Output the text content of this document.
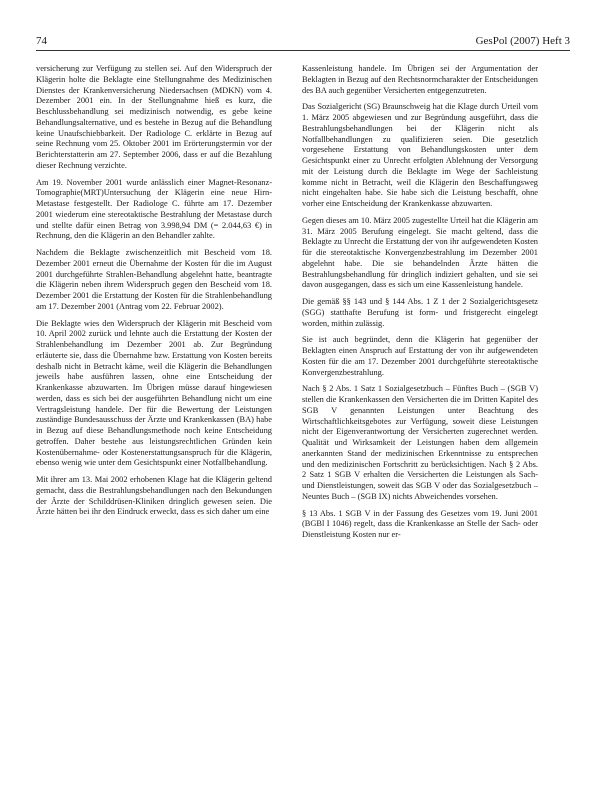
74	GesPol (2007) Heft 3

versicherung zur Verfügung zu stellen sei. Auf den Widerspruch der Klägerin holte die Beklagte eine Stellungnahme des Medizinischen Dienstes der Krankenversicherung Niedersachsen (MDKN) vom 4. Dezember 2001 ein. In der Stellungnahme hieß es kurz, die Beschlussbehandlung sei medizinisch notwendig, es gebe keine Behandlungsalternative, und es bestehe in Bezug auf die Behandlung keine Unaufschiebbarkeit. Der Radiologe C. erklärte in Bezug auf seine Rechnung vom 25. Oktober 2001 im Erörterungstermin vor der Berichterstatterin am 27. September 2006, dass er auf die Bezahlung dieser Rechnung verzichte.

Am 19. November 2001 wurde anlässlich einer Magnet-Resonanz-Tomographie(MRT)Untersuchung der Klägerin eine neue Hirn-Metastase festgestellt. Der Radiologe C. führte am 17. Dezember 2001 wiederum eine stereotaktische Bestrahlung der Metastase durch und stellte dafür einen Betrag von 3.998,94 DM (= 2.044,63 €) in Rechnung, den die Klägerin an den Behandler zahlte.

Nachdem die Beklagte zwischenzeitlich mit Bescheid vom 18. Dezember 2001 erneut die Übernahme der Kosten für die im August 2001 durchgeführte Strahlen-Behandlung abgelehnt hatte, beantragte die Klägerin neben ihrem Widerspruch gegen den Bescheid vom 18. Dezember 2001 die Erstattung der Kosten für die Strahlenbehandlung am 17. Dezember 2001 (Antrag vom 22. Februar 2002).

Die Beklagte wies den Widerspruch der Klägerin mit Bescheid vom 10. April 2002 zurück und lehnte auch die Erstattung der Kosten der Strahlenbehandlung im Dezember 2001 ab. Zur Begründung erläuterte sie, dass die Übernahme bzw. Erstattung von Kosten bereits deshalb nicht in Betracht käme, weil die Klägerin die Behandlungen jeweils habe ausführen lassen, ohne eine Entscheidung der Krankenkasse abzuwarten. Im Übrigen müsse darauf hingewiesen werden, dass es sich bei der ausgeführten Behandlung nicht um eine Vertragsleistung handele. Der für die Bewertung der Leistungen zuständige Bundesausschuss der Ärzte und Krankenkassen (BA) habe in Bezug auf diese Behandlungsmethode noch keine Entscheidung getroffen. Daher bestehe aus leistungsrechtlichen Gründen kein Kostenübernahme- oder Kostenerstattungsanspruch für die Klägerin, ebenso wenig wie unter dem Gesichtspunkt einer Notfallbehandlung.

Mit ihrer am 13. Mai 2002 erhobenen Klage hat die Klägerin geltend gemacht, dass die Bestrahlungsbehandlungen nach den Bekundungen der Ärzte der Schilddrüsen-Kliniken dringlich gewesen seien. Die Ärzte hätten bei ihr den Eindruck erweckt, dass es sich daher um eine

Kassenleistung handele. Im Übrigen sei der Argumentation der Beklagten in Bezug auf den Rechtsnormcharakter der Entscheidungen des BA auch gegenüber Versicherten entgegenzutreten.

Das Sozialgericht (SG) Braunschweig hat die Klage durch Urteil vom 1. März 2005 abgewiesen und zur Begründung ausgeführt, dass die Bestrahlungsbehandlungen bei der Klägerin nicht als Notfallbehandlungen zu qualifizieren seien. Die gesetzlich vorgesehene Erstattung von Behandlungskosten unter dem Gesichtspunkt einer zu Unrecht erfolgten Ablehnung der Versorgung mit der Leistung durch die Beklagte im Wege der Sachleistung komme nicht in Betracht, weil die Klägerin den Beschaffungsweg nicht eingehalten habe. Sie habe sich die Leistung beschafft, ohne vorher eine Entscheidung der Krankenkasse abzuwarten.

Gegen dieses am 10. März 2005 zugestellte Urteil hat die Klägerin am 31. März 2005 Berufung eingelegt. Sie macht geltend, dass die Beklagte zu Unrecht die Erstattung der von ihr aufgewendeten Kosten für die stereotaktische Konvergenzbestrahlung im Dezember 2001 abgelehnt habe. Die sie behandelnden Ärzte hätten die Bestrahlungsbehandlung für dringlich indiziert gehalten, und sie sei davon ausgegangen, dass es sich um eine Kassenleistung handele.

Die gemäß §§ 143 und § 144 Abs. 1 Z 1 der 2 Sozialgerichtsgesetz (SGG) statthafte Berufung ist form- und fristgerecht eingelegt worden, mithin zulässig.

Sie ist auch begründet, denn die Klägerin hat gegenüber der Beklagten einen Anspruch auf Erstattung der von ihr aufgewendeten Kosten für die am 17. Dezember 2001 durchgeführte stereotaktische Konvergenzbestrahlung.

Nach § 2 Abs. 1 Satz 1 Sozialgesetzbuch – Fünftes Buch – (SGB V) stellen die Krankenkassen den Versicherten die im Dritten Kapitel des SGB V genannten Leistungen unter Beachtung des Wirtschaftlichkeitsgebotes zur Verfügung, soweit diese Leistungen nicht der Eigenverantwortung der Versicherten zugerechnet werden. Qualität und Wirksamkeit der Leistungen haben dem allgemein anerkannten Stand der medizinischen Erkenntnisse zu entsprechen und den medizinischen Fortschritt zu berücksichtigen. Nach § 2 Abs. 2 Satz 1 SGB V erhalten die Versicherten die Leistungen als Sach- und Dienstleistungen, soweit das SGB V oder das Sozialgesetzbuch – Neuntes Buch – (SGB IX) nichts Abweichendes vorsehen.

§ 13 Abs. 1 SGB V in der Fassung des Gesetzes vom 19. Juni 2001 (BGBl I 1046) regelt, dass die Krankenkasse an Stelle der Sach- oder Dienstleistung Kosten nur er-
